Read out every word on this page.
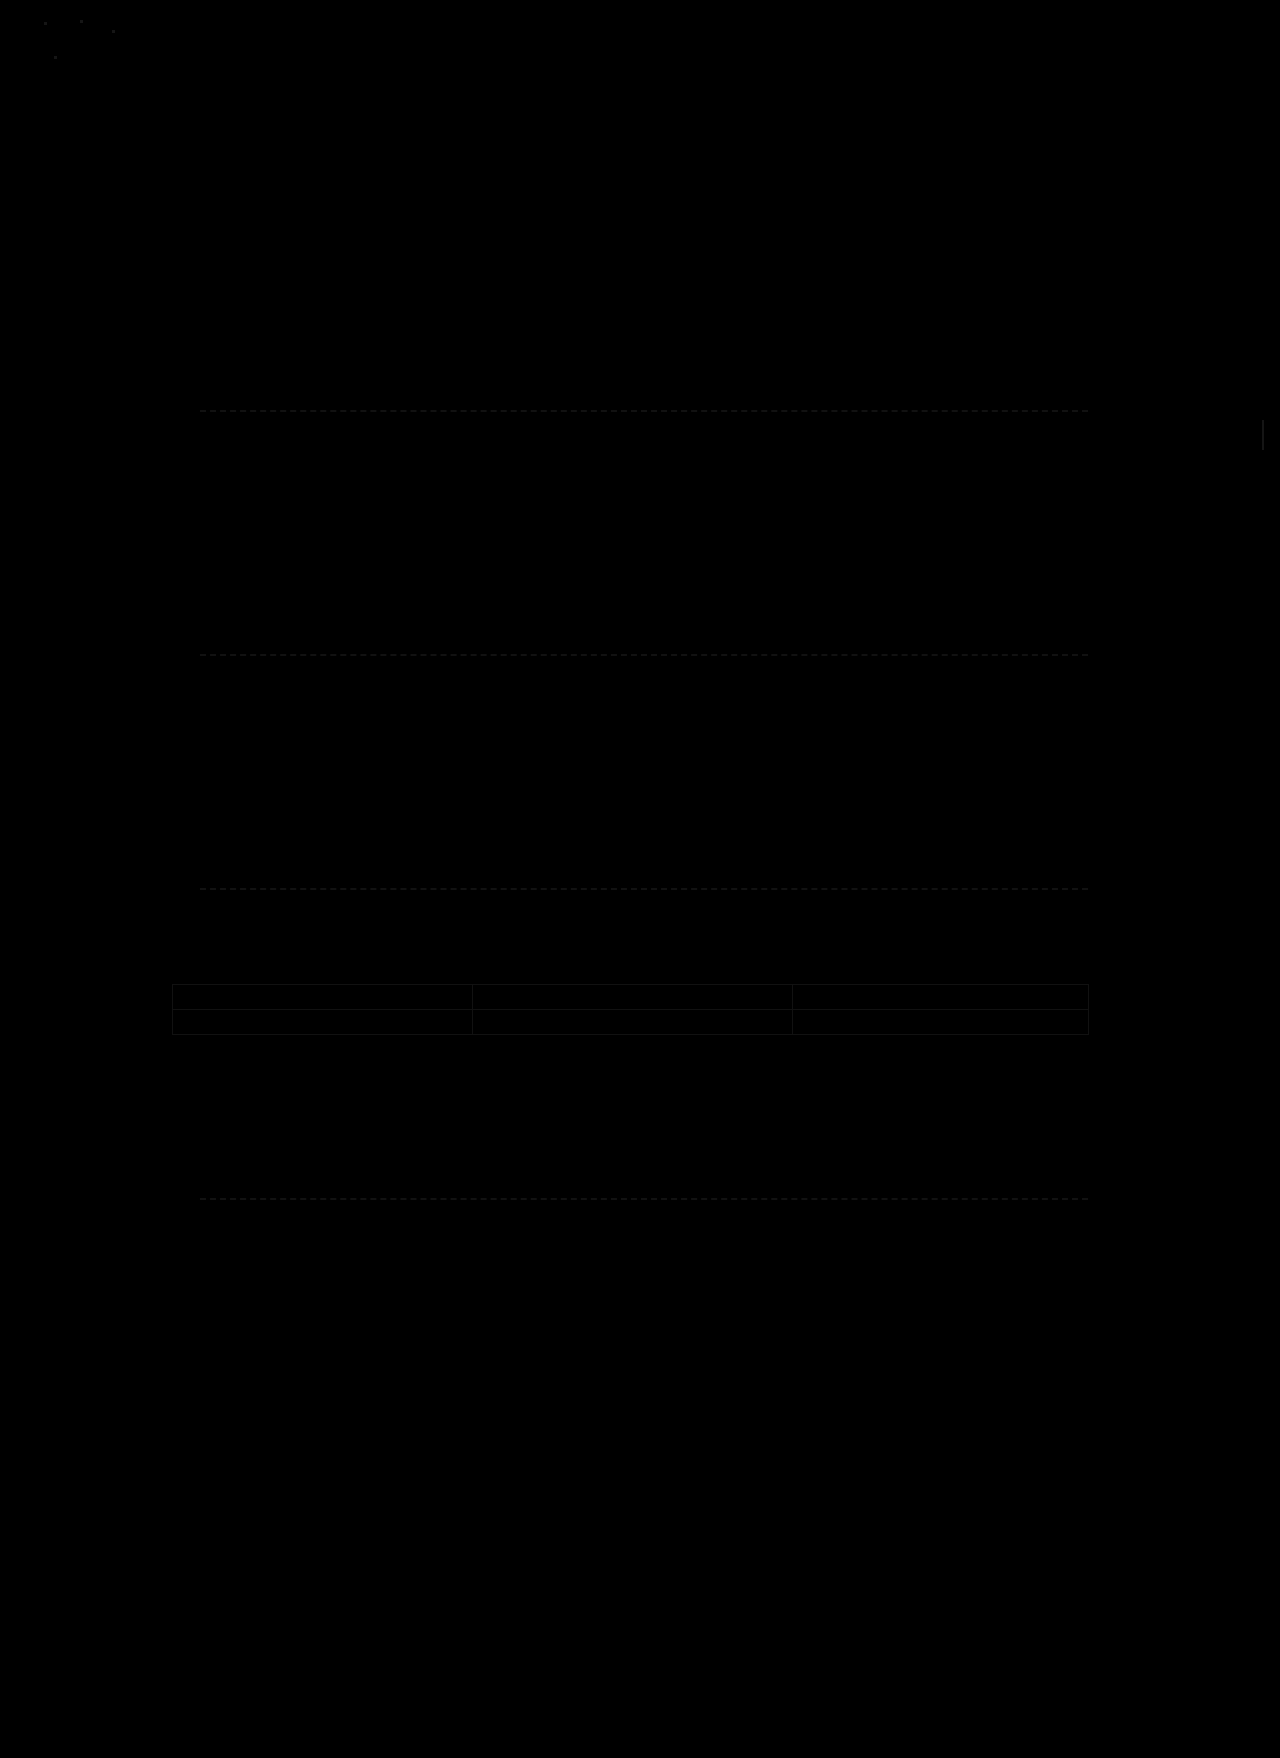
Karta charakterystyki

zgodnie z rozporządzeniem (EG) 1907/2006 (REACH)

data wydruku: 28.08.2008	opracowano: 11.08.2008	strona 4 z 5

10. stabilizacja i reaktywność

10.1 warunki do unikania :

Nie są znane żadne niebezpieczne reakcje.

10.2 materiały do unikania:

Nie ma znanych.

10.3 niebezpieczne produkty powstałe w wyniku rozkładu:

Nie ma.

11. Informacje toksykologiczne

11.1 zwaliczne oddziaływania (badanie toksykologiczne)

11.1.1. nagła toksyczność

nietoksyczny

11.1.2 Specyficzne objawy w zachowaniu zwierząt

Nagła toksyczność /specyficzne oddziaływania na zachowania zwierząt: zawarty w produkcie

wodorotlenek wapnia działa drażniąco na połykanie, kontakt ze skórą, wdech i kontakt z oczami.

11.3 Uczulenie

Nie powoduje alergii.

12. Informacje dotyczące ochrony środowiska

12.1 toksyczność ekologiczna:

Nie wykryto żadnych szkodliwych krótkotrwałych toksyn w testach na wodorostach i rybach.

12.2. mobilność

Materiał rozpuszczalny w wodzie.

12.3 zmożność na rozkład biologiczny i degradacja

Materiał nieorganiczny

12.4 potencjał bio-nagromadzenia

Materiał nieorganiczny.

13. Wskazówki dotyczące usuwania odpadów

13.1 usuwanie odpadów (produkt(u)):

EAK/AVV-kod usuwania odpadów

Kod usuwania odpadów zgodnie z AVV	oznaczenie	Pochodzenie odpadów
17 08 02	Tworzywo na bazie gipsu	Budowa i burzenie

13.2 opakowania:

Worki lub inne opakowania są optymalne do opróżniania i po odpowiednim oczyszczeniu można je

ponownie użyć.

14. Wskazówki dla transportu

W świetle międzynarodowych przepisów dotyczących transportu nie ma ryzyka dla towaru.

15. przepisy prawne

15.1 przepisy Unii Europejskiej

Produkt jest sklasyfikowany i oznaczony według wytycznych EG/GefStoffV.

Należy przestrzegać wymaganych środków zapobiegawczych podczas obchodzenia się z produktem.

15.1.1 ocena bezpieczeństwa materiału:

Na ten czas niedyspozycyjna

15.1.2 oznaczenie

Symbol niebezpieczeństwa i oznaczenie niebezpieczeństwa

Xi drażniący

R-zdania

R 36 podrażnia oczy.

S-zdania

S 2 nie może dostać się w ręce dzieci.

SDB FG 70 Fillgips.doc
